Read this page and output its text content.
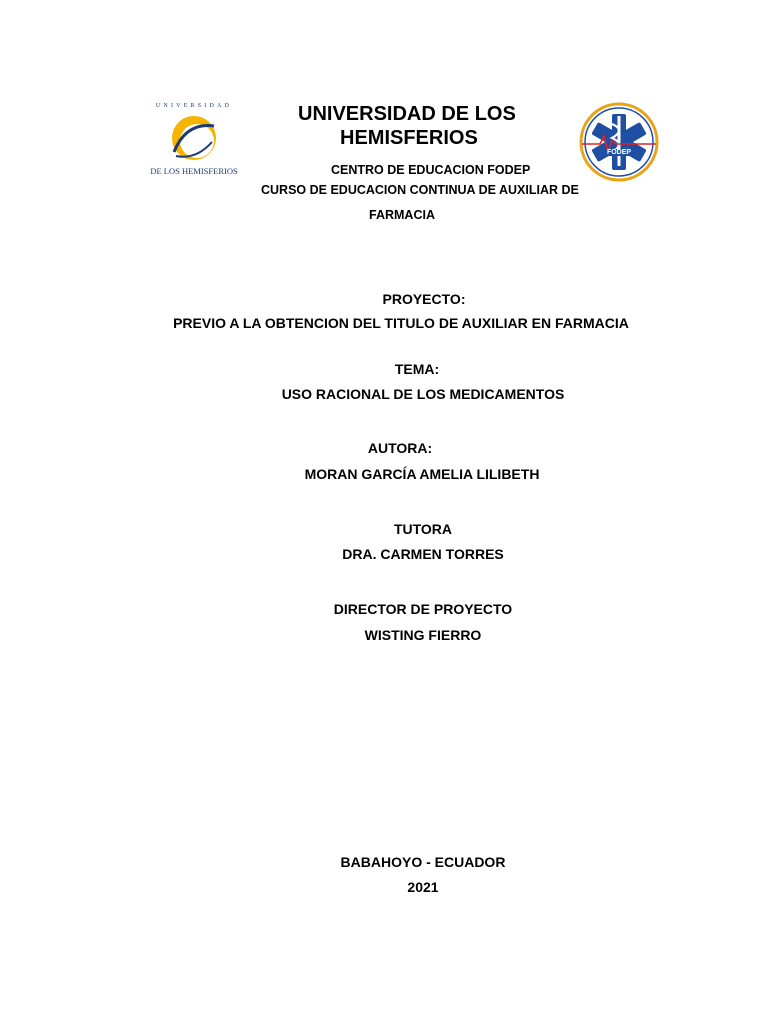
UNIVERSIDAD
DE LOS HEMISFERIOS
FODEP
UNIVERSIDAD DE LOS
HEMISFERIOS
CENTRO DE EDUCACION FODEP
CURSO DE EDUCACION CONTINUA DE AUXILIAR DE
FARMACIA
PROYECTO:
PREVIO A LA OBTENCION DEL TITULO DE AUXILIAR EN FARMACIA
TEMA:
USO RACIONAL DE LOS MEDICAMENTOS
AUTORA:
MORAN GARCÍA AMELIA LILIBETH
TUTORA
DRA. CARMEN TORRES
DIRECTOR DE PROYECTO
WISTING FIERRO
BABAHOYO - ECUADOR
2021
